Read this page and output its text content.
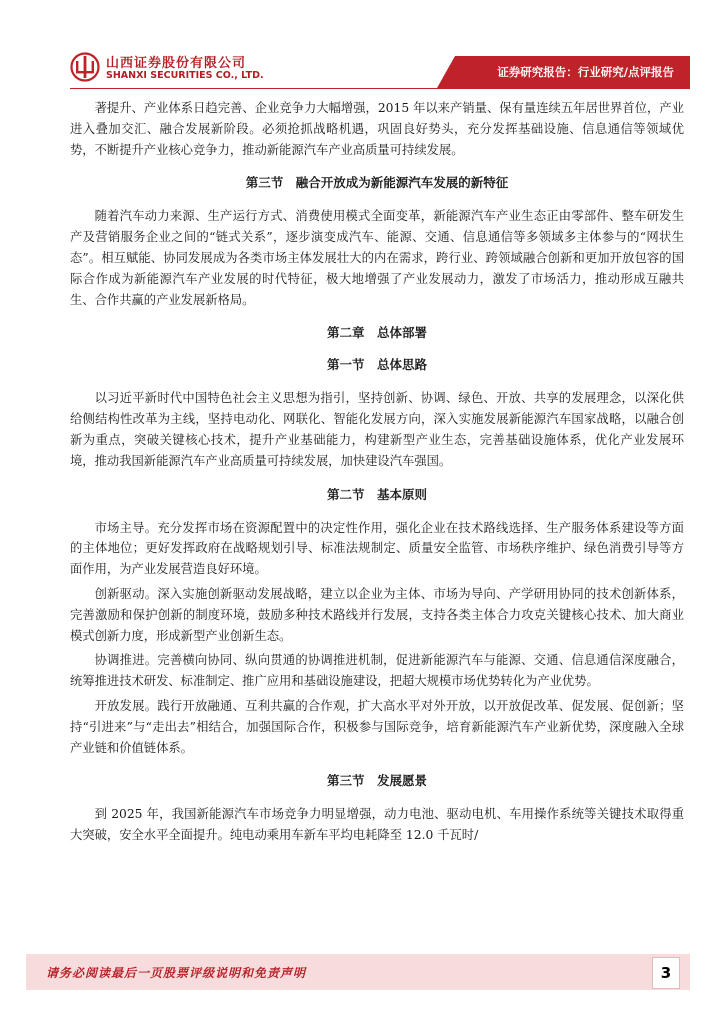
山西证券股份有限公司
SHANXI SECURITIES CO., LTD.	证券研究报告：行业研究/点评报告

著提升、产业体系日趋完善、企业竞争力大幅增强，2015 年以来产销量、保有量连续五年居世界首位，产业进入叠加交汇、融合发展新阶段。必须抢抓战略机遇，巩固良好势头，充分发挥基础设施、信息通信等领域优势，不断提升产业核心竞争力，推动新能源汽车产业高质量可持续发展。

第三节　融合开放成为新能源汽车发展的新特征

随着汽车动力来源、生产运行方式、消费使用模式全面变革，新能源汽车产业生态正由零部件、整车研发生产及营销服务企业之间的“链式关系”，逐步演变成汽车、能源、交通、信息通信等多领域多主体参与的“网状生态”。相互赋能、协同发展成为各类市场主体发展壮大的内在需求，跨行业、跨领域融合创新和更加开放包容的国际合作成为新能源汽车产业发展的时代特征，极大地增强了产业发展动力，激发了市场活力，推动形成互融共生、合作共赢的产业发展新格局。

第二章　总体部署
第一节　总体思路

以习近平新时代中国特色社会主义思想为指引，坚持创新、协调、绿色、开放、共享的发展理念，以深化供给侧结构性改革为主线，坚持电动化、网联化、智能化发展方向，深入实施发展新能源汽车国家战略，以融合创新为重点，突破关键核心技术，提升产业基础能力，构建新型产业生态，完善基础设施体系，优化产业发展环境，推动我国新能源汽车产业高质量可持续发展，加快建设汽车强国。

第二节　基本原则

市场主导。充分发挥市场在资源配置中的决定性作用，强化企业在技术路线选择、生产服务体系建设等方面的主体地位；更好发挥政府在战略规划引导、标准法规制定、质量安全监管、市场秩序维护、绿色消费引导等方面作用，为产业发展营造良好环境。

创新驱动。深入实施创新驱动发展战略，建立以企业为主体、市场为导向、产学研用协同的技术创新体系，完善激励和保护创新的制度环境，鼓励多种技术路线并行发展，支持各类主体合力攻克关键核心技术、加大商业模式创新力度，形成新型产业创新生态。

协调推进。完善横向协同、纵向贯通的协调推进机制，促进新能源汽车与能源、交通、信息通信深度融合，统筹推进技术研发、标准制定、推广应用和基础设施建设，把超大规模市场优势转化为产业优势。

开放发展。践行开放融通、互利共赢的合作观，扩大高水平对外开放，以开放促改革、促发展、促创新；坚持“引进来”与“走出去”相结合，加强国际合作，积极参与国际竞争，培育新能源汽车产业新优势，深度融入全球产业链和价值链体系。

第三节　发展愿景

到 2025 年，我国新能源汽车市场竞争力明显增强，动力电池、驱动电机、车用操作系统等关键技术取得重大突破，安全水平全面提升。纯电动乘用车新车平均电耗降至 12.0 千瓦时/

请务必阅读最后一页股票评级说明和免责声明	3
